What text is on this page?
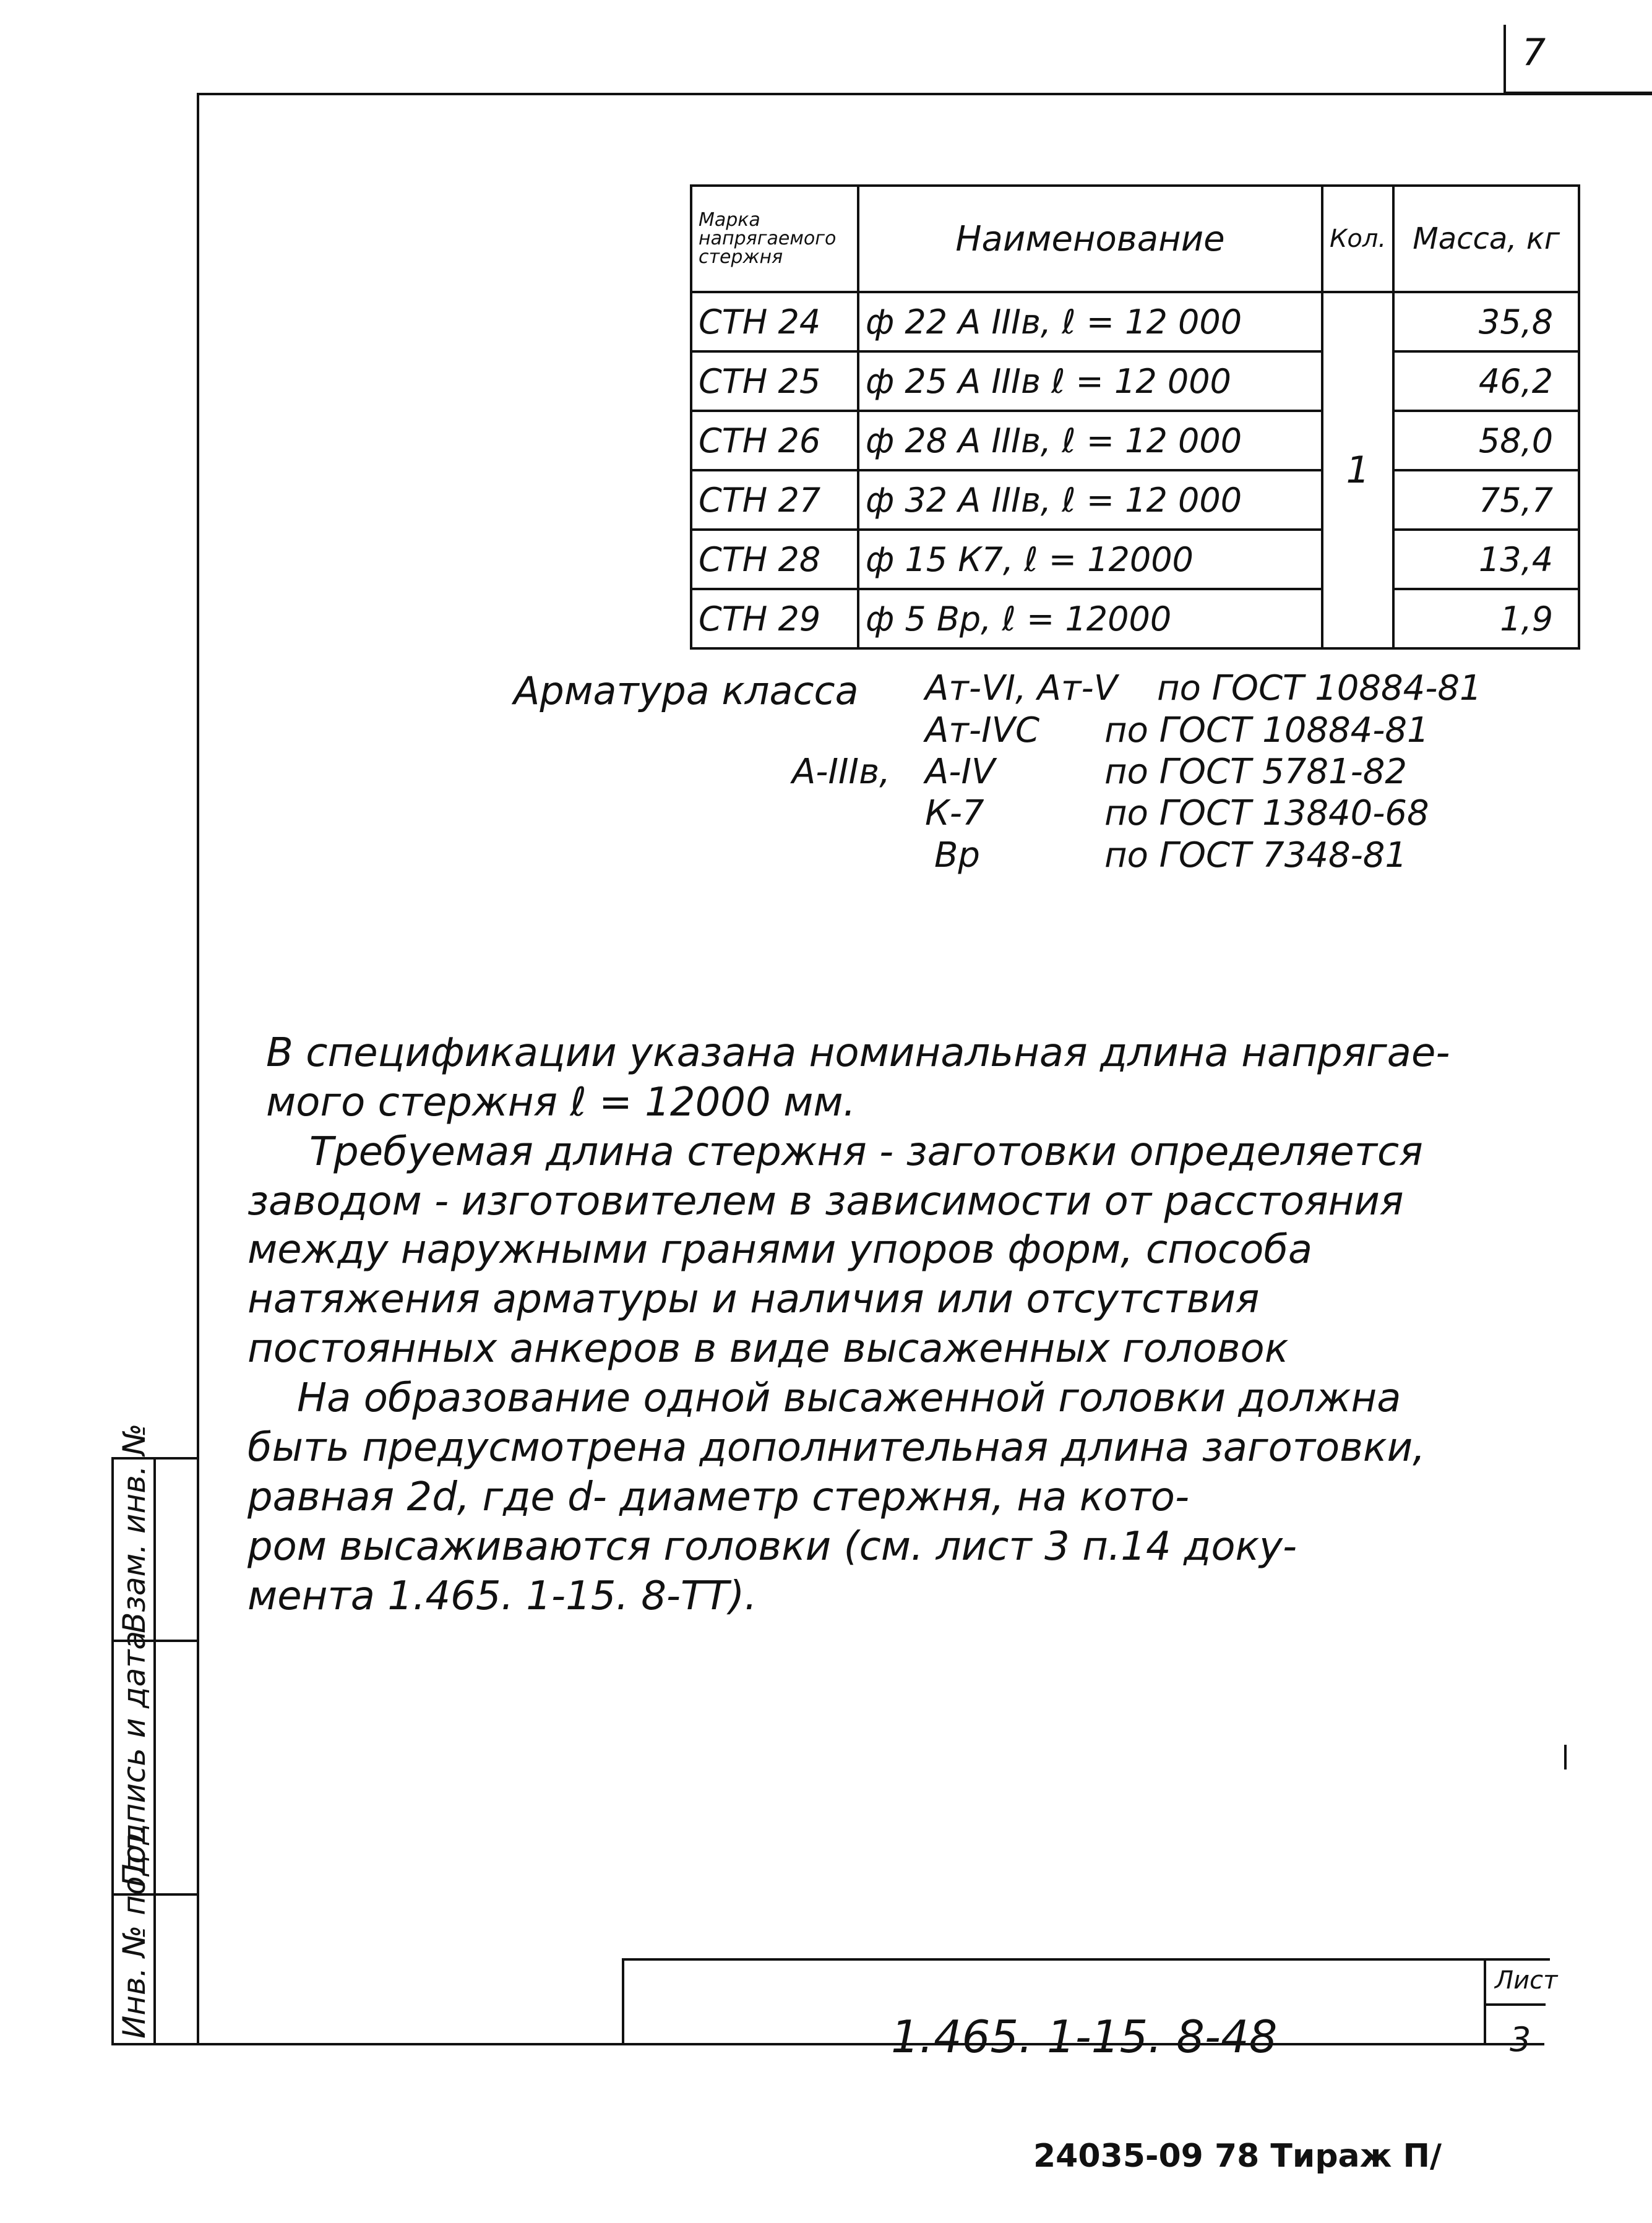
7
Марка напрягаемого стержня	Наименование	Кол.	Масса, кг
СТН 24	ф 22 А IIIв, ℓ = 12 000	1	35,8
СТН 25	ф 25 А IIIв ℓ = 12 000		46,2
СТН 26	ф 28 А IIIв, ℓ = 12 000		58,0
СТН 27	ф 32 А IIIв, ℓ = 12 000		75,7
СТН 28	ф 15 К7, ℓ = 12000		13,4
СТН 29	ф 5 Вр, ℓ = 12000		1,9
Арматура класса
А-IIIв,
Ат-VI, Ат-V по ГОСТ 10884-81
Ат-IVС по ГОСТ 10884-81
А-IV	по ГОСТ 5781-82
К-7	по ГОСТ 13840-68
Вр	по ГОСТ 7348-81
В спецификации указана номинальная длина напрягае-
мого стержня ℓ = 12000 мм.
Требуемая длина стержня - заготовки определяется
заводом - изготовителем в зависимости от расстояния
между наружными гранями упоров форм, способа
натяжения арматуры и наличия или отсутствия
постоянных анкеров в виде высаженных головок
На образование одной высаженной головки должна
быть предусмотрена дополнительная длина заготовки,
равная 2d, где d- диаметр стержня, на кото-
ром высаживаются головки (см. лист 3 п.14 доку-
мента 1.465. 1-15. 8-ТТ).
Взам. инв. №
Подпись и дата
Инв. № подл.	1.465. 1-15. 8-48
Лист
3
24035-09 78 Тираж П/
